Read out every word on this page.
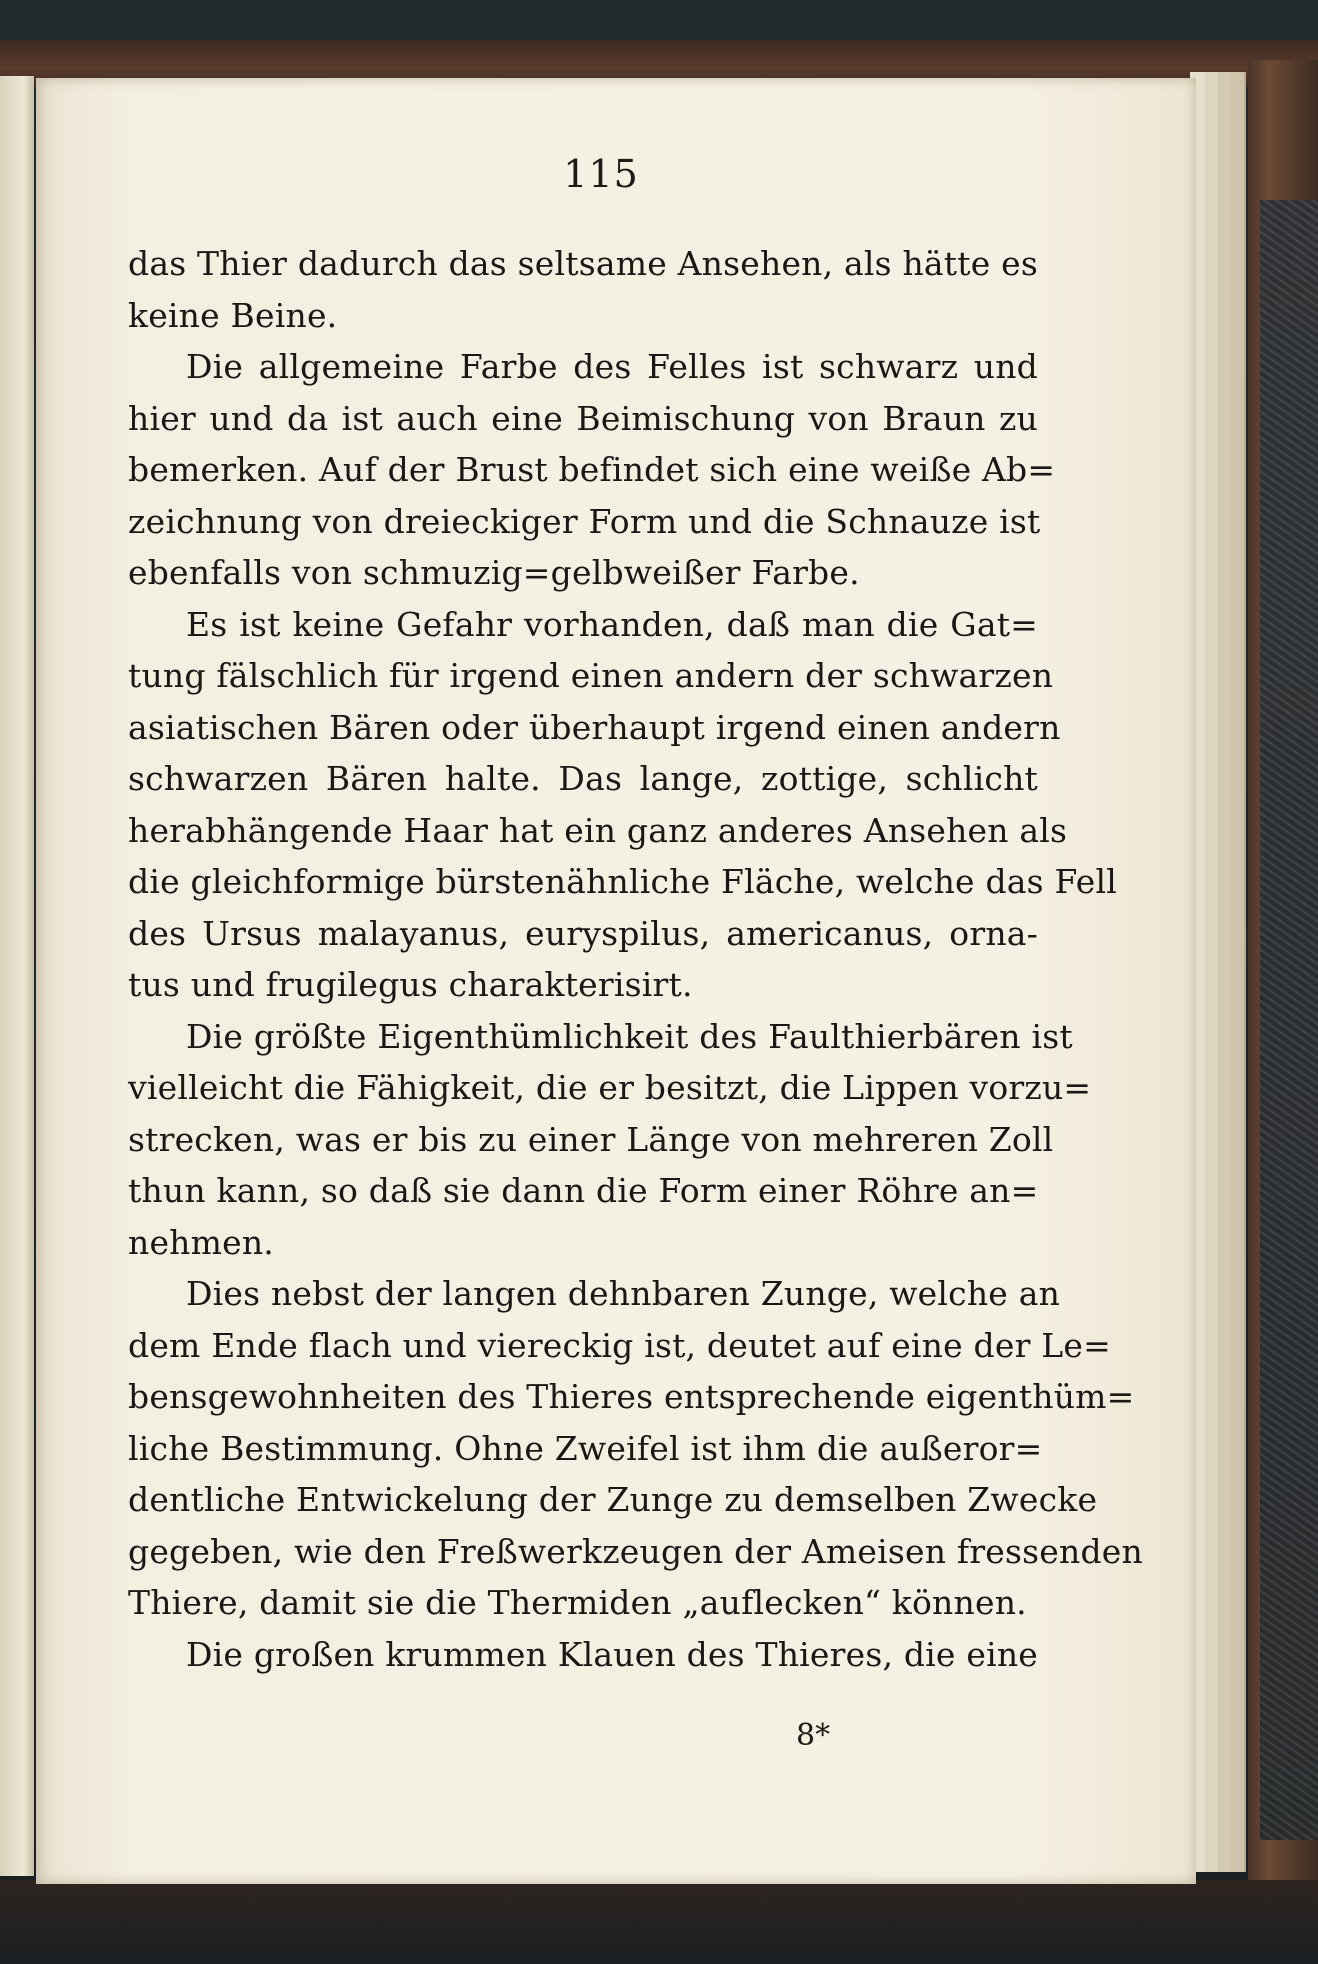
115
das Thier dadurch das seltsame Ansehen, als hätte es
keine Beine.
Die allgemeine Farbe des Felles ist schwarz und
hier und da ist auch eine Beimischung von Braun zu
bemerken. Auf der Brust befindet sich eine weiße Ab=
zeichnung von dreieckiger Form und die Schnauze ist
ebenfalls von schmuzig=gelbweißer Farbe.
Es ist keine Gefahr vorhanden, daß man die Gat=
tung fälschlich für irgend einen andern der schwarzen
asiatischen Bären oder überhaupt irgend einen andern
schwarzen Bären halte. Das lange, zottige, schlicht
herabhängende Haar hat ein ganz anderes Ansehen als
die gleichformige bürstenähnliche Fläche, welche das Fell
des Ursus malayanus, euryspilus, americanus, orna-
tus und frugilegus charakterisirt.
Die größte Eigenthümlichkeit des Faulthierbären ist
vielleicht die Fähigkeit, die er besitzt, die Lippen vorzu=
strecken, was er bis zu einer Länge von mehreren Zoll
thun kann, so daß sie dann die Form einer Röhre an=
nehmen.
Dies nebst der langen dehnbaren Zunge, welche an
dem Ende flach und viereckig ist, deutet auf eine der Le=
bensgewohnheiten des Thieres entsprechende eigenthüm=
liche Bestimmung. Ohne Zweifel ist ihm die außeror=
dentliche Entwickelung der Zunge zu demselben Zwecke
gegeben, wie den Freßwerkzeugen der Ameisen fressenden
Thiere, damit sie die Thermiden „auflecken“ können.
Die großen krummen Klauen des Thieres, die eine
8*
